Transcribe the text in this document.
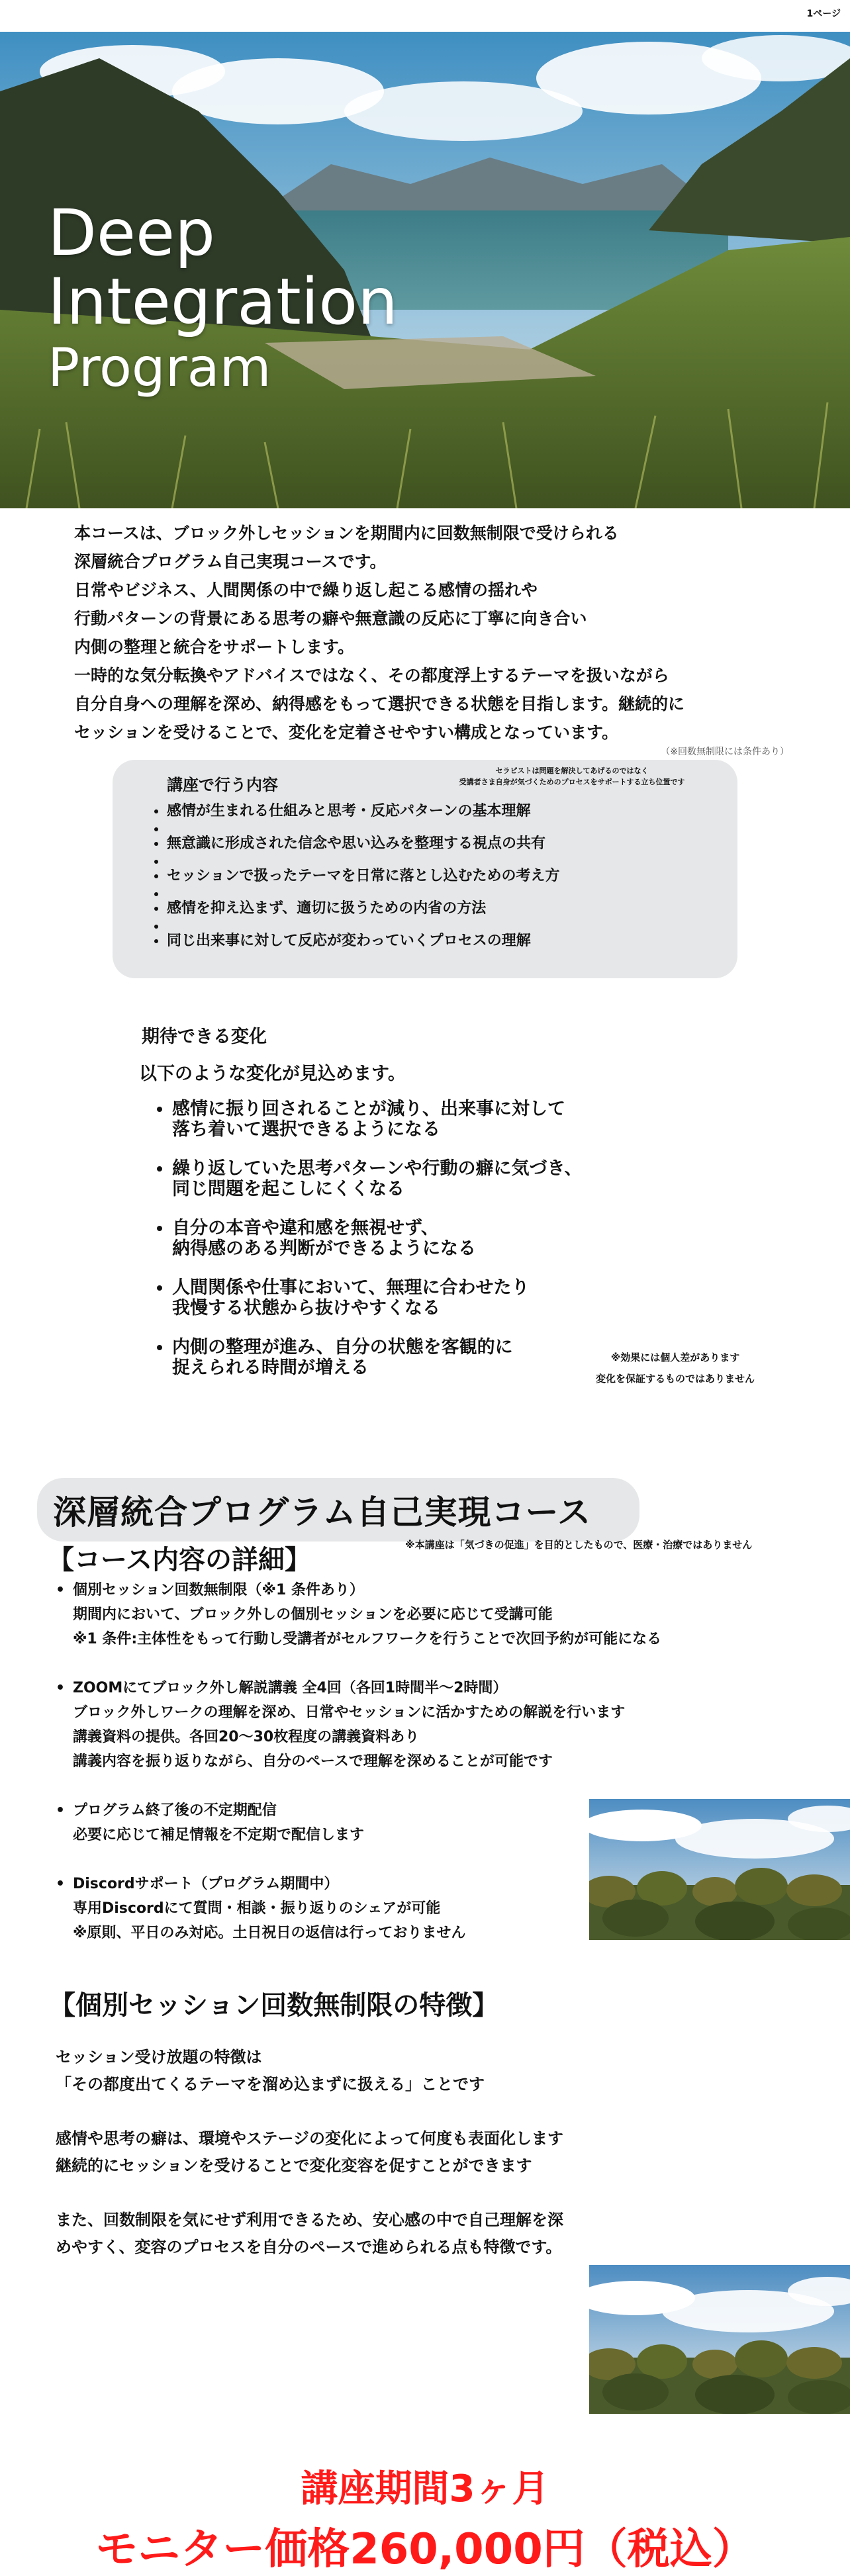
1ページ
Deep
Integration
Program

本コースは、ブロック外しセッションを期間内に回数無制限で受けられる

深層統合プログラム自己実現コースです。

日常やビジネス、人間関係の中で繰り返し起こる感情の揺れや

行動パターンの背景にある思考の癖や無意識の反応に丁寧に向き合い

内側の整理と統合をサポートします。

一時的な気分転換やアドバイスではなく、その都度浮上するテーマを扱いながら

自分自身への理解を深め、納得感をもって選択できる状態を目指します。継続的に

セッションを受けることで、変化を定着させやすい構成となっています。

（※回数無制限には条件あり）
講座で行う内容
セラピストは問題を解決してあげるのではなく
受講者さま自身が気づくためのプロセスをサポートする立ち位置です
• 感情が生まれる仕組みと思考・反応パターンの基本理解
•
• 無意識に形成された信念や思い込みを整理する視点の共有
•
• セッションで扱ったテーマを日常に落とし込むための考え方
•
• 感情を抑え込まず、適切に扱うための内省の方法
•
• 同じ出来事に対して反応が変わっていくプロセスの理解
期待できる変化
以下のような変化が見込めます。
• 感情に振り回されることが減り、出来事に対して
落ち着いて選択できるようになる
• 繰り返していた思考パターンや行動の癖に気づき、
同じ問題を起こしにくくなる
• 自分の本音や違和感を無視せず、
納得感のある判断ができるようになる
• 人間関係や仕事において、無理に合わせたり
我慢する状態から抜けやすくなる
• 内側の整理が進み、自分の状態を客観的に
捉えられる時間が増える	※効果には個人差があります
変化を保証するものではありません
深層統合プログラム自己実現コース
【コース内容の詳細】	※本講座は「気づきの促進」を目的としたもので、医療・治療ではありません

• 個別セッション回数無制限（※1 条件あり）

期間内において、ブロック外しの個別セッションを必要に応じて受講可能

※1 条件:主体性をもって行動し受講者がセルフワークを行うことで次回予約が可能になる

• ZOOMにてブロック外し解説講義 全4回（各回1時間半〜2時間）

ブロック外しワークの理解を深め、日常やセッションに活かすための解説を行います

講義資料の提供。各回20〜30枚程度の講義資料あり

講義内容を振り返りながら、自分のペースで理解を深めることが可能です

• プログラム終了後の不定期配信

必要に応じて補足情報を不定期で配信します

• Discordサポート（プログラム期間中）

専用Discordにて質問・相談・振り返りのシェアが可能

※原則、平日のみ対応。土日祝日の返信は行っておりません

【個別セッション回数無制限の特徴】

セッション受け放題の特徴は
「その都度出てくるテーマを溜め込まずに扱える」ことです

感情や思考の癖は、環境やステージの変化によって何度も表面化します
継続的にセッションを受けることで変化変容を促すことができます

また、回数制限を気にせず利用できるため、安心感の中で自己理解を深
めやすく、変容のプロセスを自分のペースで進められる点も特徴です。

講座期間3ヶ月
モニター価格260,000円（税込）
